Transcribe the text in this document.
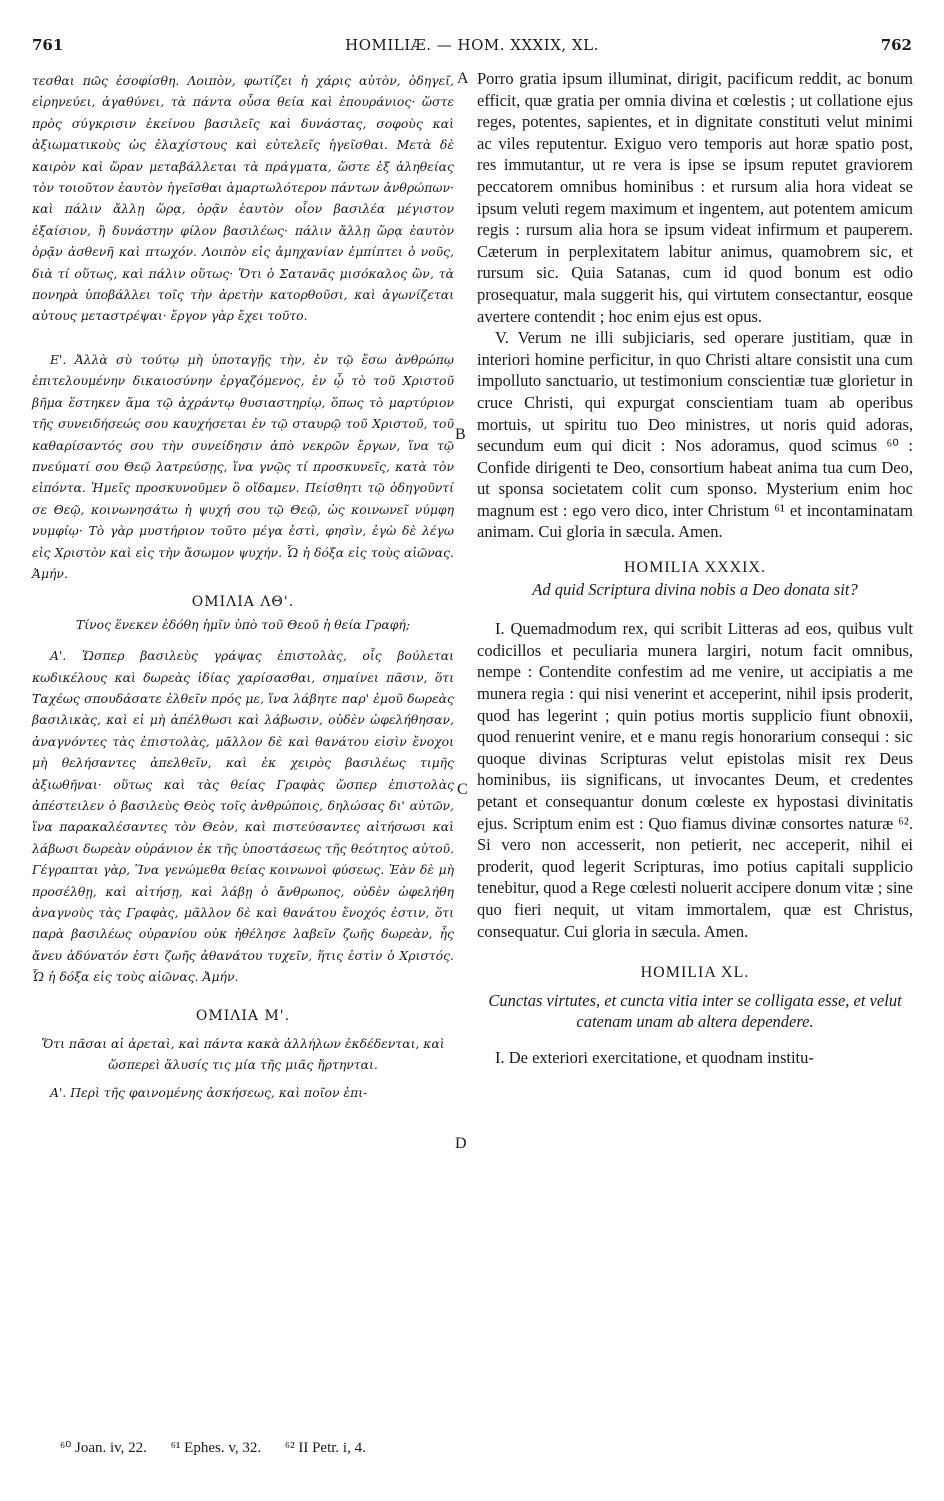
761	HOMILIÆ. — HOM. XXXIX, XL.	762
A
B
C
D

τεσθαι πῶς ἐσοφίσθη. Λοιπὸν, φωτίζει ἡ χάρις αὐτὸν, ὁδηγεῖ, εἰρηνεύει, ἀγαθύνει, τὰ πάντα οὖσα θεία καὶ ἐπουράνιος· ὥστε πρὸς σύγκρισιν ἐκείνου βασιλεῖς καὶ δυνάστας, σοφοὺς καὶ ἀξιωματικοὺς ὡς ἐλαχίστους καὶ εὐτελεῖς ἡγεῖσθαι. Μετὰ δὲ καιρὸν καὶ ὥραν μεταβάλλεται τὰ πράγματα, ὥστε ἐξ ἀληθείας τὸν τοιοῦτον ἑαυτὸν ἡγεῖσθαι ἁμαρτωλότερον πάντων ἀνθρώπων· καὶ πάλιν ἄλλῃ ὥρᾳ, ὁρᾷν ἑαυτὸν οἷον βασιλέα μέγιστον ἐξαίσιον, ἢ δυνάστην φίλον βασιλέως· πάλιν ἄλλῃ ὥρᾳ ἑαυτὸν ὁρᾷν ἀσθενῆ καὶ πτωχόν. Λοιπὸν εἰς ἀμηχανίαν ἐμπίπτει ὁ νοῦς, διὰ τί οὕτως, καὶ πάλιν οὕτως· Ὅτι ὁ Σατανᾶς μισόκαλος ὢν, τὰ πονηρὰ ὑποβάλλει τοῖς τὴν ἀρετὴν κατορθοῦσι, καὶ ἀγωνίζεται αὐτους μεταστρέψαι· ἔργον γὰρ ἔχει τοῦτο.

Ε'. Ἀλλὰ σὺ τούτῳ μὴ ὑποταγῇς τὴν, ἐν τῷ ἔσω ἀνθρώπῳ ἐπιτελουμένην δικαιοσύνην ἐργαζόμενος, ἐν ᾧ τὸ τοῦ Χριστοῦ βῆμα ἕστηκεν ἅμα τῷ ἀχράντῳ θυσιαστηρίῳ, ὅπως τὸ μαρτύριον τῆς συνειδήσεώς σου καυχήσεται ἐν τῷ σταυρῷ τοῦ Χριστοῦ, τοῦ καθαρίσαντός σου τὴν συνείδησιν ἀπὸ νεκρῶν ἔργων, ἵνα τῷ πνεύματί σου Θεῷ λατρεύσῃς, ἵνα γνῷς τί προσκυνεῖς, κατὰ τὸν εἰπόντα. Ἡμεῖς προσκυνοῦμεν ὃ οἴδαμεν. Πείσθητι τῷ ὁδηγοῦντί σε Θεῷ, κοινωνησάτω ἡ ψυχή σου τῷ Θεῷ, ὡς κοινωνεῖ νύμφη νυμφίῳ· Τὸ γὰρ μυστήριον τοῦτο μέγα ἐστὶ, φησὶν, ἐγὼ δὲ λέγω εἰς Χριστὸν καὶ εἰς τὴν ἄσωμον ψυχήν. Ὧ ἡ δόξα εἰς τοὺς αἰῶνας. Ἀμήν.

ΟΜΙΛΙΑ ΛΘ'.

Τίνος ἕνεκεν ἐδόθη ἡμῖν ὑπὸ τοῦ Θεοῦ ἡ θεία Γραφή;

Α'. Ὥσπερ βασιλεὺς γράψας ἐπιστολὰς, οἷς βούλεται κωδικέλους καὶ δωρεὰς ἰδίας χαρίσασθαι, σημαίνει πᾶσιν, ὅτι Ταχέως σπουδάσατε ἐλθεῖν πρός με, ἵνα λάβητε παρ' ἐμοῦ δωρεὰς βασιλικὰς, καὶ εἰ μὴ ἀπέλθωσι καὶ λάβωσιν, οὐδὲν ὠφελήθησαν, ἀναγνόντες τὰς ἐπιστολὰς, μᾶλλον δὲ καὶ θανάτου εἰσὶν ἔνοχοι μὴ θελήσαντες ἀπελθεῖν, καὶ ἐκ χειρὸς βασιλέως τιμῆς ἀξιωθῆναι· οὕτως καὶ τὰς θείας Γραφὰς ὥσπερ ἐπιστολὰς ἀπέστειλεν ὁ βασιλεὺς Θεὸς τοῖς ἀνθρώποις, δηλώσας δι' αὐτῶν, ἵνα παρακαλέσαντες τὸν Θεὸν, καὶ πιστεύσαντες αἰτήσωσι καὶ λάβωσι δωρεὰν οὐράνιον ἐκ τῆς ὑποστάσεως τῆς θεότητος αὐτοῦ. Γέγραπται γὰρ, Ἵνα γενώμεθα θείας κοινωνοὶ φύσεως. Ἐὰν δὲ μὴ προσέλθῃ, καὶ αἰτήσῃ, καὶ λάβῃ ὁ ἄνθρωπος, οὐδὲν ὠφελήθη ἀναγνοὺς τὰς Γραφὰς, μᾶλλον δὲ καὶ θανάτου ἔνοχός ἐστιν, ὅτι παρὰ βασιλέως οὐρανίου οὐκ ἠθέλησε λαβεῖν ζωῆς δωρεὰν, ἧς ἄνευ ἀδύνατόν ἐστι ζωῆς ἀθανάτου τυχεῖν, ἥτις ἐστὶν ὁ Χριστός. Ὧ ἡ δόξα εἰς τοὺς αἰῶνας. Ἀμήν.

ΟΜΙΛΙΑ Μ'.

Ὅτι πᾶσαι αἱ ἀρεταὶ, καὶ πάντα κακὰ ἀλλήλων ἐκδέδενται, καὶ ὥσπερεὶ ἅλυσίς τις μία τῆς μιᾶς ἤρτηνται.

Α'. Περὶ τῆς φαινομένης ἀσκήσεως, καὶ ποῖον ἐπι-

Porro gratia ipsum illuminat, dirigit, pacificum reddit, ac bonum efficit, quæ gratia per omnia divina et cœlestis ; ut collatione ejus reges, potentes, sapientes, et in dignitate constituti velut minimi ac viles reputentur. Exiguo vero temporis aut horæ spatio post, res immutantur, ut re vera is ipse se ipsum reputet graviorem peccatorem omnibus hominibus : et rursum alia hora videat se ipsum veluti regem maximum et ingentem, aut potentem amicum regis : rursum alia hora se ipsum videat infirmum et pauperem. Cæterum in perplexitatem labitur animus, quamobrem sic, et rursum sic. Quia Satanas, cum id quod bonum est odio prosequatur, mala suggerit his, qui virtutem consectantur, eosque avertere contendit ; hoc enim ejus est opus.

V. Verum ne illi subjiciaris, sed operare justitiam, quæ in interiori homine perficitur, in quo Christi altare consistit una cum impolluto sanctuario, ut testimonium conscientiæ tuæ glorietur in cruce Christi, qui expurgat conscientiam tuam ab operibus mortuis, ut spiritu tuo Deo ministres, ut noris quid adoras, secundum eum qui dicit : Nos adoramus, quod scimus ⁶⁰ : Confide dirigenti te Deo, consortium habeat anima tua cum Deo, ut sponsa societatem colit cum sponso. Mysterium enim hoc magnum est : ego vero dico, inter Christum ⁶¹ et incontaminatam animam. Cui gloria in sæcula. Amen.

HOMILIA XXXIX.

Ad quid Scriptura divina nobis a Deo donata sit?

I. Quemadmodum rex, qui scribit Litteras ad eos, quibus vult codicillos et peculiaria munera largiri, notum facit omnibus, nempe : Contendite confestim ad me venire, ut accipiatis a me munera regia : qui nisi venerint et acceperint, nihil ipsis proderit, quod has legerint ; quin potius mortis supplicio fiunt obnoxii, quod renuerint venire, et e manu regis honorarium consequi : sic quoque divinas Scripturas velut epistolas misit rex Deus hominibus, iis significans, ut invocantes Deum, et credentes petant et consequantur donum cœleste ex hypostasi divinitatis ejus. Scriptum enim est : Quo fiamus divinæ consortes naturæ ⁶². Si vero non accesserit, non petierit, nec acceperit, nihil ei proderit, quod legerit Scripturas, imo potius capitali supplicio tenebitur, quod a Rege cœlesti noluerit accipere donum vitæ ; sine quo fieri nequit, ut vitam immortalem, quæ est Christus, consequatur. Cui gloria in sæcula. Amen.

HOMILIA XL.

Cunctas virtutes, et cuncta vitia inter se colligata esse, et velut catenam unam ab altera dependere.

I. De exteriori exercitatione, et quodnam institu-

⁶⁰ Joan. iv, 22. ⁶¹ Ephes. v, 32. ⁶² II Petr. i, 4.
